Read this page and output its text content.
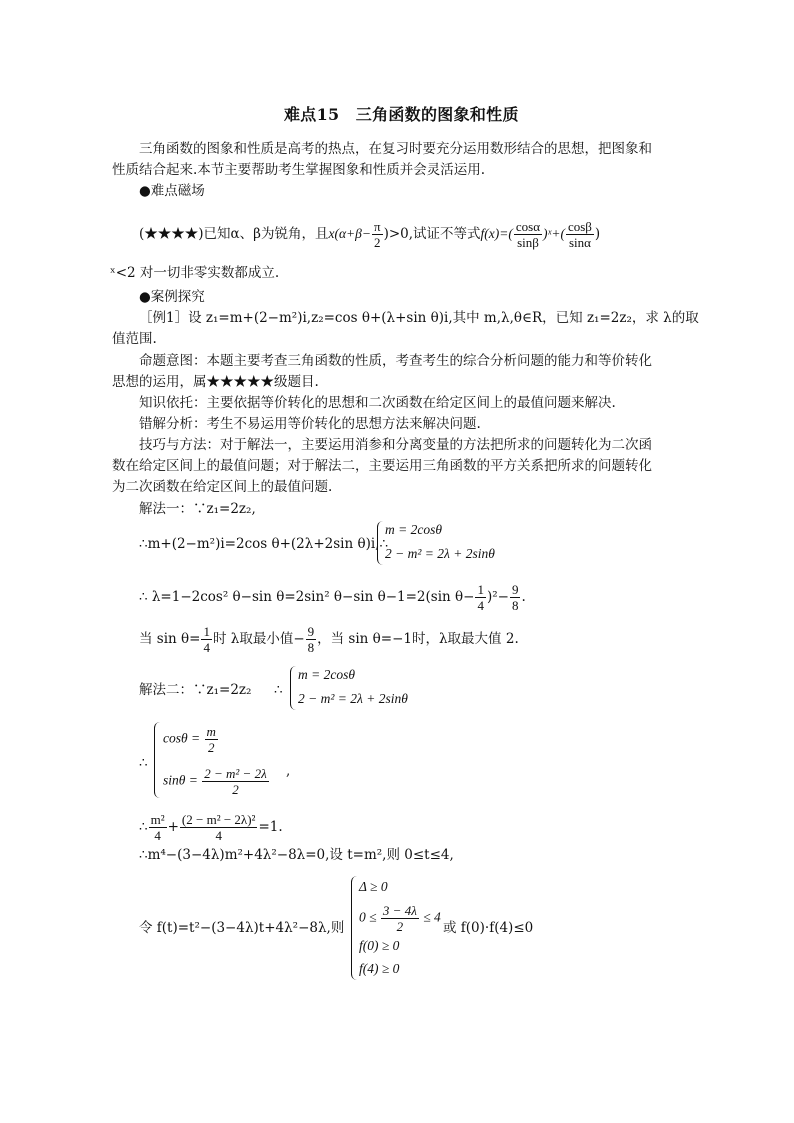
难点15　三角函数的图象和性质
三角函数的图象和性质是高考的热点，在复习时要充分运用数形结合的思想，把图象和
性质结合起来.本节主要帮助考生掌握图象和性质并会灵活运用.
●难点磁场
(★★★★)已知α、β为锐角，且$x(\alpha+\beta- \frac{\pi}{2} )>0$,试证不等式$f(x)=( \frac{\cos\alpha}{\sin\beta}$ )ˣ+( $\frac{\cos\beta}{\sin\alpha}$ )
ˣ<2 对一切非零实数都成立.
●案例探究
［例1］设 z₁=m+(2−m²)i,z₂=cos θ+(λ+sin θ)i,其中 m,λ,θ∈R，已知 z₁=2z₂，求 λ的取
值范围.
命题意图：本题主要考查三角函数的性质，考查考生的综合分析问题的能力和等价转化
思想的运用，属★★★★★级题目.
知识依托：主要依据等价转化的思想和二次函数在给定区间上的最值问题来解决.
错解分析：考生不易运用等价转化的思想方法来解决问题.
技巧与方法：对于解法一，主要运用消参和分离变量的方法把所求的问题转化为二次函
数在给定区间上的最值问题；对于解法二，主要运用三角函数的平方关系把所求的问题转化
为二次函数在给定区间上的最值问题.
解法一：∵z₁=2z₂,
∴m+(2−m²)i=2cos θ+(2λ+2sin θ)i,∴
m = 2cosθ
2 − m² = 2λ + 2sinθ
∴ λ=1−2cos² θ−sin θ=2sin² θ−sin θ−1=2(sin $\theta- \frac{1}{4} )^2- \frac{9}{8}$ .
当 $\sin \theta= \frac{1}{4}$ 时 λ取最小值− $\frac{9}{8}$ ，当 sin θ=−1时，λ取最大值 2.
解法二：∵z₁=2z₂ ∴
m = 2cosθ
2 − m² = 2λ + 2sinθ
∴
$\cos\theta = \frac{m}{2}$
$\sin\theta = \frac{\text{2 − m² − 2λ}}{2}$ ,
∴ $\frac{\text{m²}}{4} + \frac{\text{(2 − m² − 2λ)²}}{4} =1$.
∴m⁴−(3−4λ)m²+4λ²−8λ=0,设 t=m²,则 0≤t≤4,
令 f(t)=t²−(3−4λ)t+4λ²−8λ,则
Δ ≥ 0
$0 \le \frac{3 - 4\lambda}{2} \le 4$
f(0) ≥ 0
f(4) ≥ 0
或 f(0)·f(4)≤0
